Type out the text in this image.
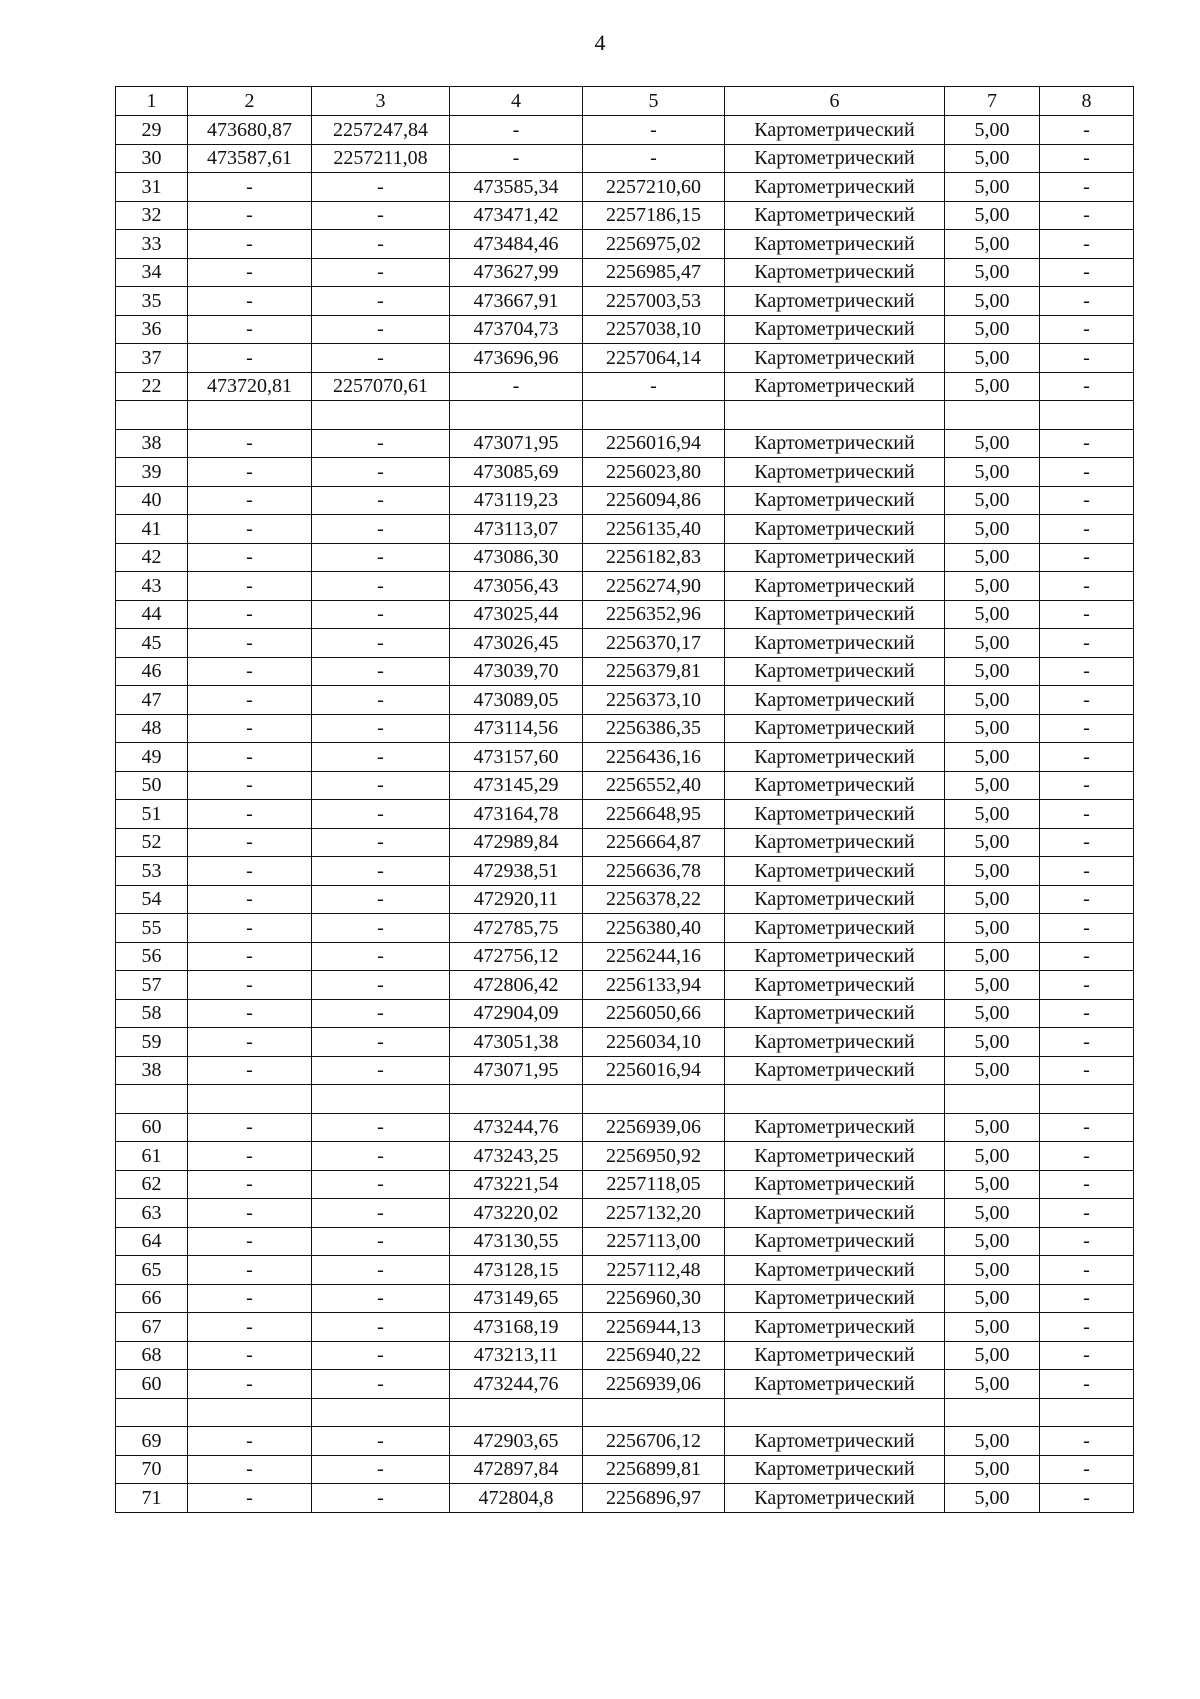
4
1	2	3	4	5	6	7	8
29	473680,87	2257247,84	-	-	Картометрический	5,00	-
30	473587,61	2257211,08	-	-	Картометрический	5,00	-
31	-	-	473585,34	2257210,60	Картометрический	5,00	-
32	-	-	473471,42	2257186,15	Картометрический	5,00	-
33	-	-	473484,46	2256975,02	Картометрический	5,00	-
34	-	-	473627,99	2256985,47	Картометрический	5,00	-
35	-	-	473667,91	2257003,53	Картометрический	5,00	-
36	-	-	473704,73	2257038,10	Картометрический	5,00	-
37	-	-	473696,96	2257064,14	Картометрический	5,00	-
22	473720,81	2257070,61	-	-	Картометрический	5,00	-

38	-	-	473071,95	2256016,94	Картометрический	5,00	-
39	-	-	473085,69	2256023,80	Картометрический	5,00	-
40	-	-	473119,23	2256094,86	Картометрический	5,00	-
41	-	-	473113,07	2256135,40	Картометрический	5,00	-
42	-	-	473086,30	2256182,83	Картометрический	5,00	-
43	-	-	473056,43	2256274,90	Картометрический	5,00	-
44	-	-	473025,44	2256352,96	Картометрический	5,00	-
45	-	-	473026,45	2256370,17	Картометрический	5,00	-
46	-	-	473039,70	2256379,81	Картометрический	5,00	-
47	-	-	473089,05	2256373,10	Картометрический	5,00	-
48	-	-	473114,56	2256386,35	Картометрический	5,00	-
49	-	-	473157,60	2256436,16	Картометрический	5,00	-
50	-	-	473145,29	2256552,40	Картометрический	5,00	-
51	-	-	473164,78	2256648,95	Картометрический	5,00	-
52	-	-	472989,84	2256664,87	Картометрический	5,00	-
53	-	-	472938,51	2256636,78	Картометрический	5,00	-
54	-	-	472920,11	2256378,22	Картометрический	5,00	-
55	-	-	472785,75	2256380,40	Картометрический	5,00	-
56	-	-	472756,12	2256244,16	Картометрический	5,00	-
57	-	-	472806,42	2256133,94	Картометрический	5,00	-
58	-	-	472904,09	2256050,66	Картометрический	5,00	-
59	-	-	473051,38	2256034,10	Картометрический	5,00	-
38	-	-	473071,95	2256016,94	Картометрический	5,00	-

60	-	-	473244,76	2256939,06	Картометрический	5,00	-
61	-	-	473243,25	2256950,92	Картометрический	5,00	-
62	-	-	473221,54	2257118,05	Картометрический	5,00	-
63	-	-	473220,02	2257132,20	Картометрический	5,00	-
64	-	-	473130,55	2257113,00	Картометрический	5,00	-
65	-	-	473128,15	2257112,48	Картометрический	5,00	-
66	-	-	473149,65	2256960,30	Картометрический	5,00	-
67	-	-	473168,19	2256944,13	Картометрический	5,00	-
68	-	-	473213,11	2256940,22	Картометрический	5,00	-
60	-	-	473244,76	2256939,06	Картометрический	5,00	-

69	-	-	472903,65	2256706,12	Картометрический	5,00	-
70	-	-	472897,84	2256899,81	Картометрический	5,00	-
71	-	-	472804,8	2256896,97	Картометрический	5,00	-
